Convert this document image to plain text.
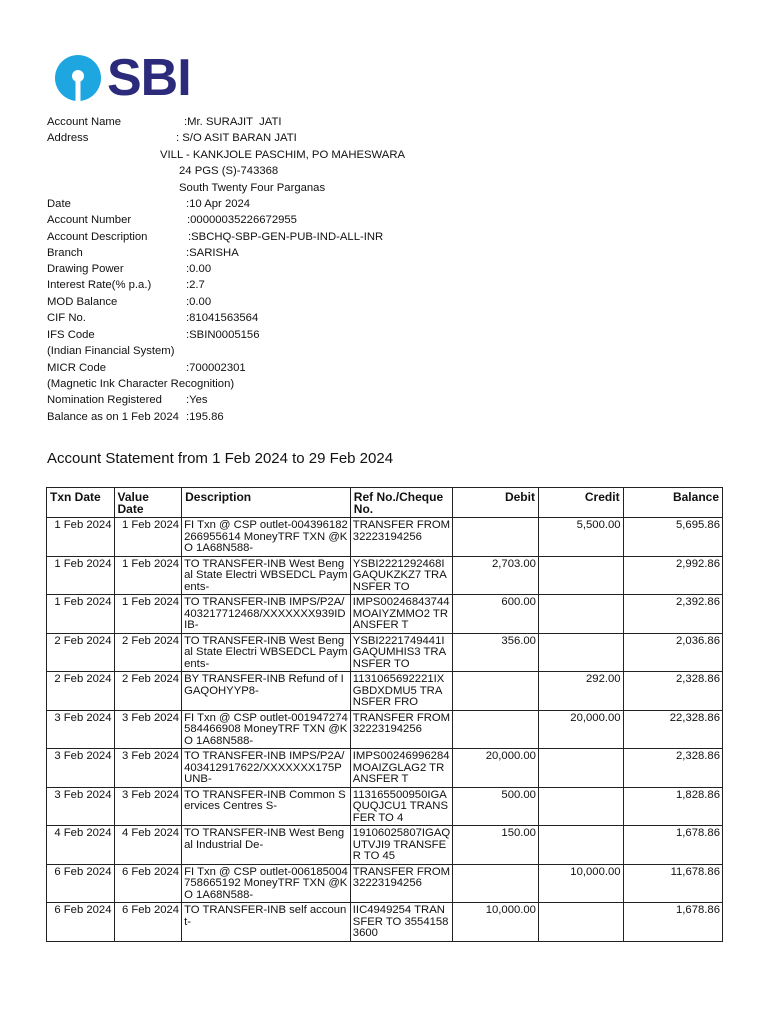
SBI

Account Name

	:Mr. SURAJIT  JATI

Address

	: S/O ASIT BARAN JATI

VILL - KANKJOLE PASCHIM, PO MAHESWARA

24 PGS (S)-743368

South Twenty Four Parganas

Date

	:10 Apr 2024

Account Number

	:00000035226672955

Account Description

	:SBCHQ-SBP-GEN-PUB-IND-ALL-INR

Branch

	:SARISHA

Drawing Power

	:0.00

Interest Rate(% p.a.)

	:2.7

MOD Balance

	:0.00

CIF No.

	:81041563564

IFS Code

	:SBIN0005156

(Indian Financial System)

MICR Code

	:700002301

(Magnetic Ink Character Recognition)

Nomination Registered

:Yes

Balance as on 1 Feb 2024

:195.86

Account Statement from 1 Feb 2024 to 29 Feb 2024
Txn Date	Value Date	Description	Ref No./Cheque No.	Debit	Credit	Balance
1 Feb 2024	1 Feb 2024	FI Txn @ CSP outlet-004396182266955614 MoneyTRF TXN @KO 1A68N588-	TRANSFER FROM 32223194256		5,500.00	5,695.86
1 Feb 2024	1 Feb 2024	TO TRANSFER-INB West Bengal State Electri WBSEDCL Payments-	YSBI2221292468IGAQUKZKZ7 TRANSFER TO	2,703.00		2,992.86
1 Feb 2024	1 Feb 2024	TO TRANSFER-INB IMPS/P2A/403217712468/XXXXXXX939IDIB-	IMPS00246843744MOAIYZMMO2 TRANSFER T	600.00		2,392.86
2 Feb 2024	2 Feb 2024	TO TRANSFER-INB West Bengal State Electri WBSEDCL Payments-	YSBI2221749441IGAQUMHIS3 TRANSFER TO	356.00		2,036.86
2 Feb 2024	2 Feb 2024	BY TRANSFER-INB Refund of IGAQOHYYP8-	1131065692221IXGBDXDMU5 TRANSFER FRO		292.00	2,328.86
3 Feb 2024	3 Feb 2024	FI Txn @ CSP outlet-001947274584466908 MoneyTRF TXN @KO 1A68N588-	TRANSFER FROM 32223194256		20,000.00	22,328.86
3 Feb 2024	3 Feb 2024	TO TRANSFER-INB IMPS/P2A/403412917622/XXXXXXX175PUNB-	IMPS00246996284MOAIZGLAG2 TRANSFER T	20,000.00		2,328.86
3 Feb 2024	3 Feb 2024	TO TRANSFER-INB Common Services Centres S-	113165500950IGAQUQJCU1 TRANSFER TO 4	500.00		1,828.86
4 Feb 2024	4 Feb 2024	TO TRANSFER-INB West Bengal Industrial De-	19106025807IGAQUTVJI9 TRANSFER TO 45	150.00		1,678.86
6 Feb 2024	6 Feb 2024	FI Txn @ CSP outlet-006185004758665192 MoneyTRF TXN @KO 1A68N588-	TRANSFER FROM 32223194256		10,000.00	11,678.86
6 Feb 2024	6 Feb 2024	TO TRANSFER-INB self account-	IIC4949254 TRANSFER TO 35541583600	10,000.00		1,678.86
